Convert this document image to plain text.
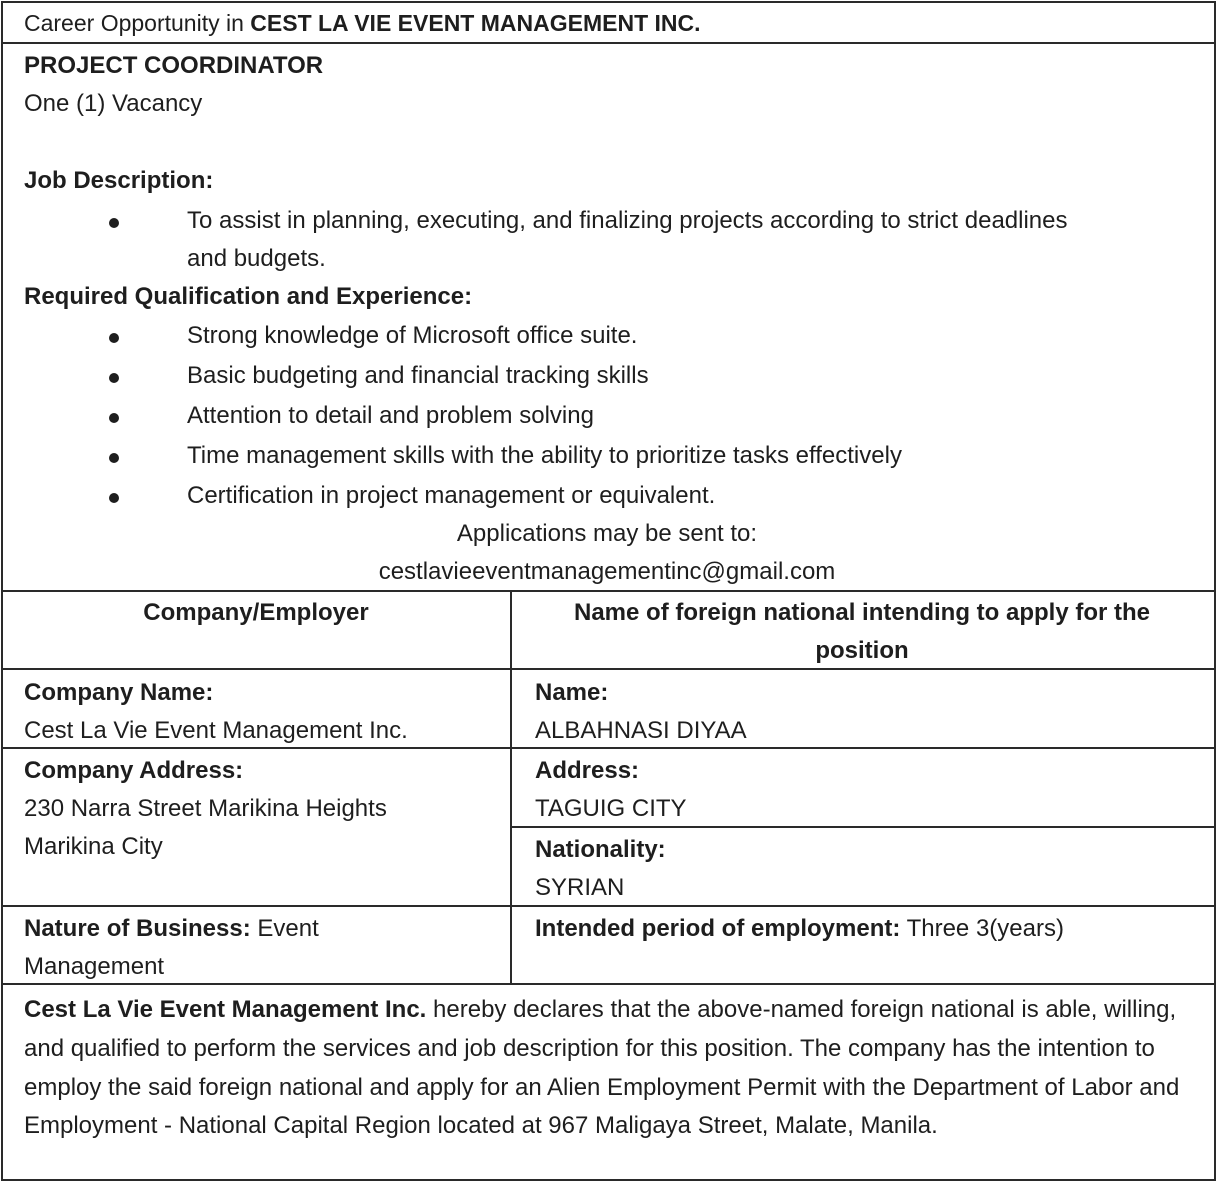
Career Opportunity in CEST LA VIE EVENT MANAGEMENT INC.
PROJECT COORDINATOR
One (1) Vacancy
Job Description:
To assist in planning, executing, and finalizing projects according to strict deadlines
and budgets.
Required Qualification and Experience:
Strong knowledge of Microsoft office suite.
Basic budgeting and financial tracking skills
Attention to detail and problem solving
Time management skills with the ability to prioritize tasks effectively
Certification in project management or equivalent.
Applications may be sent to:
cestlavieeventmanagementinc@gmail.com
Company/Employer	Name of foreign national intending to apply for the
position
Company Name:
Cest La Vie Event Management Inc.
Name:
ALBAHNASI DIYAA
Company Address:
230 Narra Street Marikina Heights
Marikina City
Address:
TAGUIG CITY
Nationality:
SYRIAN
Nature of Business: Event
Management
Intended period of employment: Three 3(years)
Cest La Vie Event Management Inc. hereby declares that the above-named foreign national is able, willing, and qualified to perform the services and job description for this position. The company has the intention to employ the said foreign national and apply for an Alien Employment Permit with the Department of Labor and Employment - National Capital Region located at 967 Maligaya Street, Malate, Manila.
